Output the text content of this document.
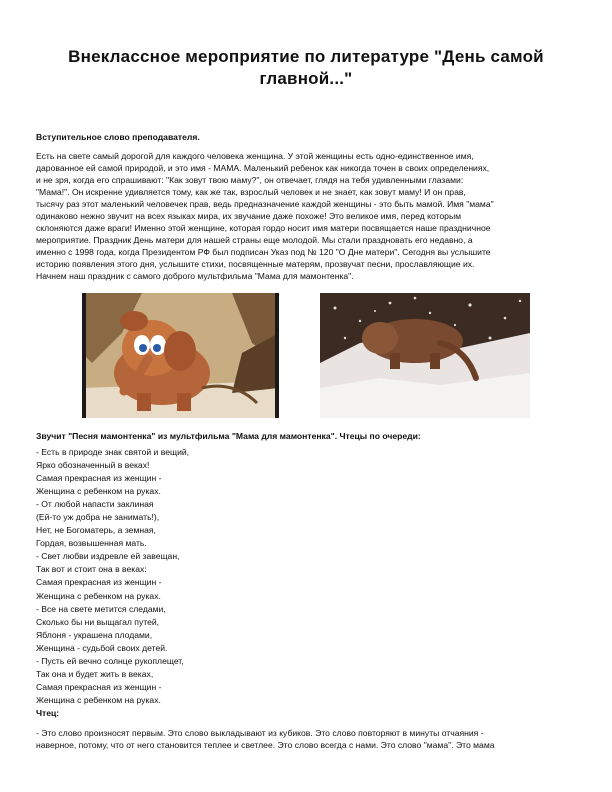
Внеклассное мероприятие по литературе "День самой
главной..."
Вступительное слово преподавателя.
Есть на свете самый дорогой для каждого человека женщина. У этой женщины есть одно-единственное имя,
дарованное ей самой природой, и это имя - МАМА. Маленький ребенок как никогда точен в своих определениях,
и не зря, когда его спрашивают: "Как зовут твою маму?", он отвечает, глядя на тебя удивленными глазами:
"Мама!". Он искренне удивляется тому, как же так, взрослый человек и не знает, как зовут маму! И он прав,
тысячу раз этот маленький человечек прав, ведь предназначение каждой женщины - это быть мамой. Имя "мама"
одинаково нежно звучит на всех языках мира, их звучание даже похоже! Это великое имя, перед которым
склоняются даже враги! Именно этой женщине, которая гордо носит имя матери посвящается наше праздничное
мероприятие. Праздник День матери для нашей страны еще молодой. Мы стали праздновать его недавно, а
именно с 1998 года, когда Президентом РФ был подписан Указ под № 120 "О Дне матери". Сегодня вы услышите
историю появления этого дня, услышите стихи, посвященные матерям, прозвучат песни, прославляющие их.
Начнем наш праздник с самого доброго мультфильма "Мама для мамонтенка".
Звучит "Песня мамонтенка" из мультфильма "Мама для мамонтенка". Чтецы по очереди:
- Есть в природе знак святой и вещий,
Ярко обозначенный в веках!
Самая прекрасная из женщин -
Женщина с ребенком на руках.
- От любой напасти заклиная
(Ей-то уж добра не занимать!),
Нет, не Богоматерь, а земная,
Гордая, возвышенная мать.
- Свет любви издревле ей завещан,
Так вот и стоит она в веках:
Самая прекрасная из женщин -
Женщина с ребенком на руках.
- Все на свете метится следами,
Сколько бы ни выщагал путей,
Яблоня - украшена плодами,
Женщина - судьбой своих детей.
- Пусть ей вечно солнце рукоплещет,
Так она и будет жить в веках,
Самая прекрасная из женщин -
Женщина с ребенком на руках.
Чтец:
- Это слово произносят первым. Это слово выкладывают из кубиков. Это слово повторяют в минуты отчаяния -
наверное, потому, что от него становится теплее и светлее. Это слово всегда с нами. Это слово "мама". Это мама
